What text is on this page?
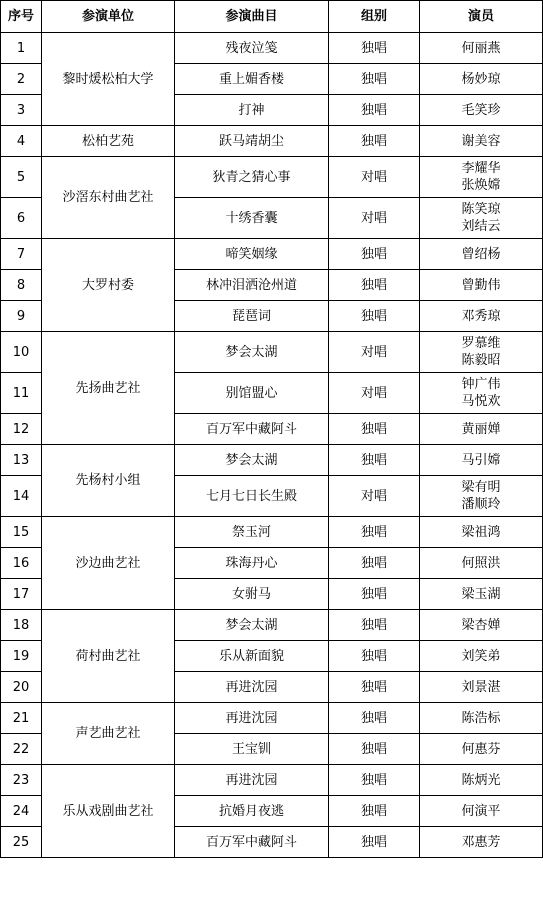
序号	参演单位	参演曲目	组别	演员
1	黎时煖松柏大学	残夜泣笺	独唱	何丽燕
2		重上媚香楼	独唱	杨妙琼
3		打神	独唱	毛笑珍
4	松柏艺苑	跃马靖胡尘	独唱	谢美容
5	沙滘东村曲艺社	狄青之猜心事	对唱	李耀华
张焕嫦
6		十绣香囊	对唱	陈笑琼
刘结云
7	大罗村委	啼笑姻缘	独唱	曾绍杨
8		林冲泪洒沧州道	独唱	曾勤伟
9		琵琶词	独唱	邓秀琼
10	先扬曲艺社	梦会太湖	对唱	罗慕维
陈毅昭
11		别馆盟心	对唱	钟广伟
马悦欢
12		百万军中藏阿斗	独唱	黄丽婵
13	先杨村小组	梦会太湖	独唱	马引嫦
14		七月七日长生殿	对唱	梁有明
潘顺玲
15	沙边曲艺社	祭玉河	独唱	梁祖鸿
16		珠海丹心	独唱	何照洪
17		女驸马	独唱	梁玉湖
18	荷村曲艺社	梦会太湖	独唱	梁杏婵
19		乐从新面貌	独唱	刘笑弟
20		再进沈园	独唱	刘景湛
21	声艺曲艺社	再进沈园	独唱	陈浩标
22		王宝钏	独唱	何惠芬
23	乐从戏剧曲艺社	再进沈园	独唱	陈炳光
24		抗婚月夜逃	独唱	何演平
25		百万军中藏阿斗	独唱	邓惠芳
